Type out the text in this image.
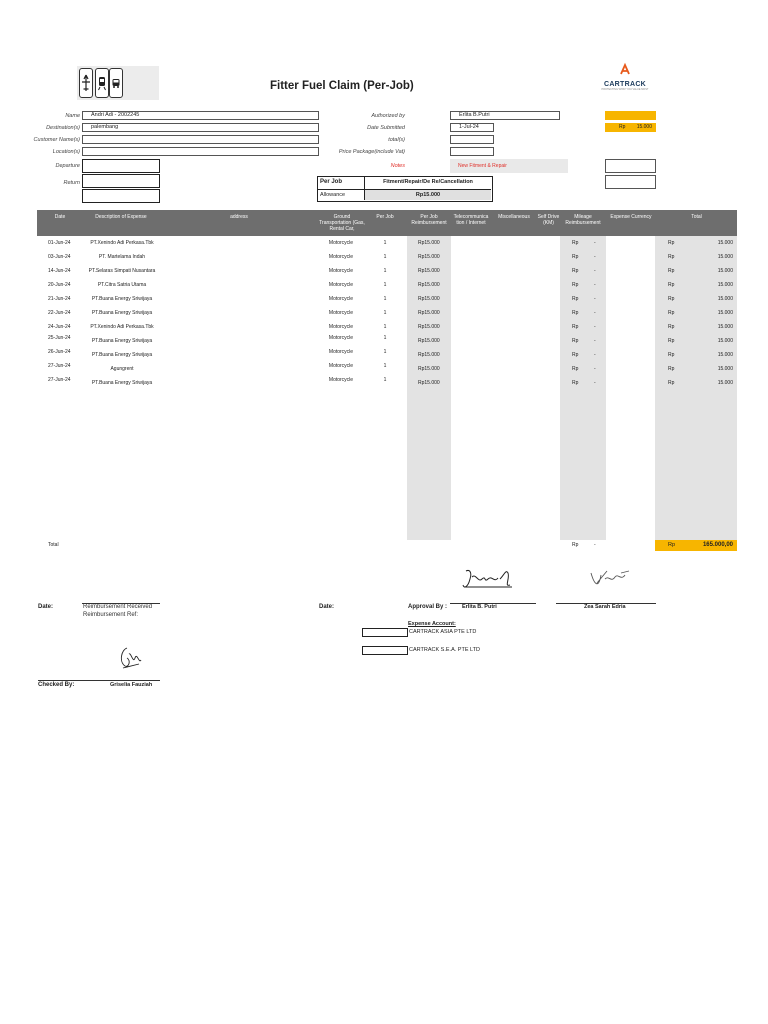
Fitter Fuel Claim (Per-Job)	CARTRACK
PROTECTING WHAT YOU VALUE MOST
Name	Andri Adi - 2002245
Destination(s)	palembang
Customer Name(s)
Location(s)
Departure
Return
Authorized by	Erlita B.Putri
Date Submitted	1-Jul-24
total(s)
Price Package(include Vat)
Notes	New Fitment & Repair
Rp 15.000
Per Job	Fitment/Repair/De Re/Cancellation
Allowance	Rp15.000
Date	Description of Expense	address	Ground Transportation (Gas, Rental Car,
Per Job	Per Job Reimbursement
Telecommunica tion / Internet
Miscellaneous	Self Drive (KM)
Mileage Reimbursement
Expense Currency	Total
01-Jun-24	PT.Xenindo Adi Perkasa.Tbk	Motorcycle	1	Rp15.000	Rp	-	Rp	15.000
03-Jun-24	PT. Martelama Indah	Motorcycle	1	Rp15.000	Rp	-	Rp	15.000
14-Jun-24	PT.Selaras Simpati Nusantara	Motorcycle	1	Rp15.000	Rp	-	Rp	15.000
20-Jun-24	PT.Citra Satria Utama	Motorcycle	1	Rp15.000	Rp	-	Rp	15.000
21-Jun-24	PT.Buana Energy Sriwijaya	Motorcycle	1	Rp15.000	Rp	-	Rp	15.000
22-Jun-24	PT.Buana Energy Sriwijaya	Motorcycle	1	Rp15.000	Rp	-	Rp	15.000
24-Jun-24	PT.Xenindo Adi Perkasa.Tbk	Motorcycle	1	Rp15.000	Rp	-	Rp	15.000
25-Jun-24	PT.Buana Energy Sriwijaya	Motorcycle	1	Rp15.000	Rp	-	Rp	15.000
26-Jun-24	PT.Buana Energy Sriwijaya	Motorcycle	1	Rp15.000	Rp	-	Rp	15.000
27-Jun-24	Agungrent	Motorcycle	1	Rp15.000	Rp	-	Rp	15.000
27-Jun-24	PT.Buana Energy Sriwijaya	Motorcycle	1	Rp15.000	Rp	-	Rp	15.000
Total	Rp	-	Rp	165.000,00
Date:	Reimbursement Received
Reimbursement Ref:
Date:	Approval By :	Erlita B. Putri	Zea Sarah Edria
Expense Account:
CARTRACK ASIA PTE LTD
CARTRACK S.E.A. PTE LTD
Checked By:	Griselia Fauziah
